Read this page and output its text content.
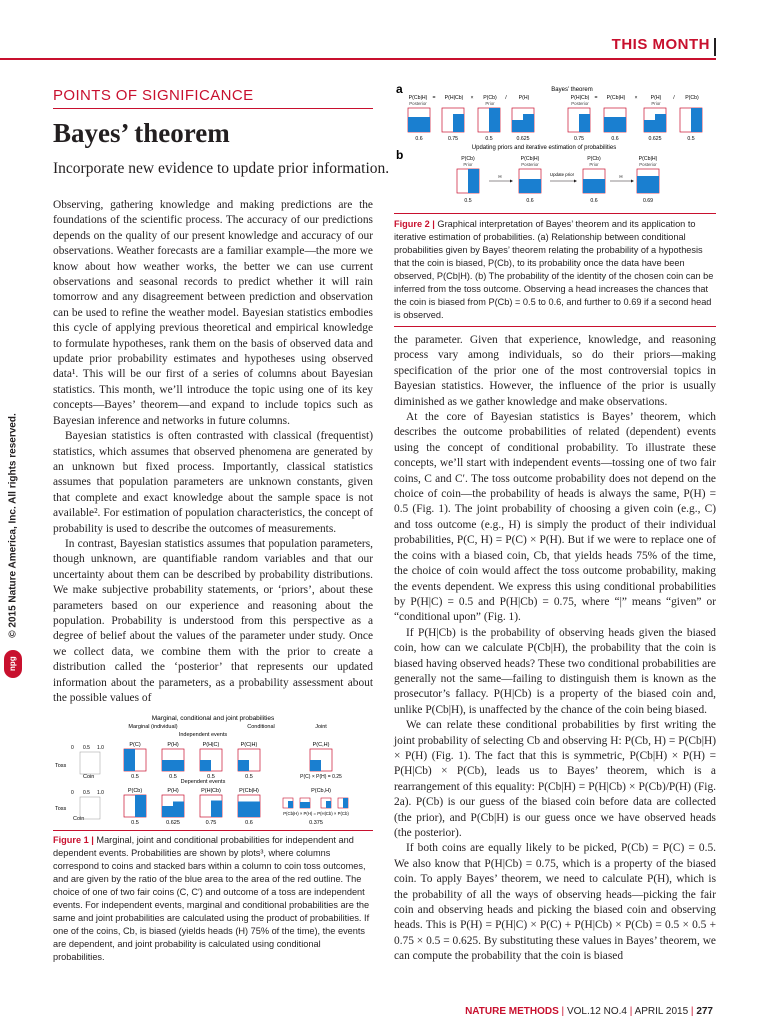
THIS MONTH
POINTS OF SIGNIFICANCE
Bayes’ theorem
Incorporate new evidence to update prior information.
© 2015 Nature America, Inc. All rights reserved.
npg

Observing, gathering knowledge and making predictions are the foundations of the scientific process. The accuracy of our predictions depends on the quality of our present knowledge and accuracy of our observations. Weather forecasts are a familiar example—the more we know about how weather works, the better we can use current observations and seasonal records to predict whether it will rain tomorrow and any disagreement between prediction and observation can be used to refine the weather model. Bayesian statistics embodies this cycle of applying previous theoretical and empirical knowledge to formulate hypotheses, rank them on the basis of observed data and update prior probability estimates and hypotheses using observed data¹. This will be our first of a series of columns about Bayesian statistics. This month, we’ll introduce the topic using one of its key concepts—Bayes’ theorem—and expand to include topics such as Bayesian inference and networks in future columns.

Bayesian statistics is often contrasted with classical (frequentist) statistics, which assumes that observed phenomena are generated by an unknown but fixed process. Importantly, classical statistics assumes that population parameters are unknown constants, given that complete and exact knowledge about the sample space is not available². For estimation of population characteristics, the concept of probability is used to describe the outcomes of measurements.

In contrast, Bayesian statistics assumes that population parameters, though unknown, are quantifiable random variables and that our uncertainty about them can be described by probability distributions. We make subjective probability statements, or ‘priors’, about these parameters based on our experience and reasoning about the population. Probability is understood from this perspective as a degree of belief about the values of the parameter under study. Once we collect data, we combine them with the prior to create a distribution called the ‘posterior’ that represents our updated information about the parameters, as a probability assessment about the possible values of

Marginal, conditional and joint probabilities
Marginal (individual)	Conditional	Joint
Independent events
Dependent events
0 0.5 1.0
Toss
Coin
Coin
0 0.5 1.0
Toss
P(C)
0.5
P(H)
0.5
P(H|C)
0.5
P(C|H)
0.5
P(C,H)
P(C) × P(H) = 0.25
P(Cb)
0.5
P(H)
0.625
P(H|Cb)
0.75
P(Cb|H)
0.6
P(Cb,H)
P(Cb|H) × P(H) = P(H|Cb) × P(Cb)
0.375
Figure 1 | Marginal, joint and conditional probabilities for independent and dependent events. Probabilities are shown by plots³, where columns correspond to coins and stacked bars within a column to coin toss outcomes, and are given by the ratio of the blue area to the area of the red outline. The choice of one of two fair coins (C, C′) and outcome of a toss are independent events. For independent events, marginal and conditional probabilities are the same and joint probabilities are calculated using the product of probabilities. If one of the coins, Cb, is biased (yields heads (H) 75% of the time), the events are dependent, and joint probability is calculated using conditional probabilities.
a	Bayes’ theorem
P(Cb|H) = P(H|Cb) × P(Cb) / P(H)	P(H|Cb) = P(Cb|H) ×	P(H) / P(Cb)
Posterior	Prior	Posterior	Prior
0.6	0.75	0.5	0.625	0.75	0.6	0.625	0.5
b	Updating priors and iterative estimation of probabilities
P(Cb)	P(Cb|H)	P(Cb)	P(Cb|H)
Prior	Posterior	Prior	Posterior
H	Update prior	H
0.5	0.6	0.6	0.69
Figure 2 | Graphical interpretation of Bayes’ theorem and its application to iterative estimation of probabilities. (a) Relationship between conditional probabilities given by Bayes’ theorem relating the probability of a hypothesis that the coin is biased, P(Cb), to its probability once the data have been observed, P(Cb|H). (b) The probability of the identity of the chosen coin can be inferred from the toss outcome. Observing a head increases the chances that the coin is biased from P(Cb) = 0.5 to 0.6, and further to 0.69 if a second head is observed.

the parameter. Given that experience, knowledge, and reasoning process vary among individuals, so do their priors—making specification of the prior one of the most controversial topics in Bayesian statistics. However, the influence of the prior is usually diminished as we gather knowledge and make observations.

At the core of Bayesian statistics is Bayes’ theorem, which describes the outcome probabilities of related (dependent) events using the concept of conditional probability. To illustrate these concepts, we’ll start with independent events—tossing one of two fair coins, C and C′. The toss outcome probability does not depend on the choice of coin—the probability of heads is always the same, P(H) = 0.5 (Fig. 1). The joint probability of choosing a given coin (e.g., C) and toss outcome (e.g., H) is simply the product of their individual probabilities, P(C, H) = P(C) × P(H). But if we were to replace one of the coins with a biased coin, Cb, that yields heads 75% of the time, the choice of coin would affect the toss outcome probability, making the events dependent. We express this using conditional probabilities by P(H|C) = 0.5 and P(H|Cb) = 0.75, where “|” means “given” or “conditional upon” (Fig. 1).

If P(H|Cb) is the probability of observing heads given the biased coin, how can we calculate P(Cb|H), the probability that the coin is biased having observed heads? These two conditional probabilities are generally not the same—failing to distinguish them is known as the prosecutor’s fallacy. P(H|Cb) is a property of the biased coin and, unlike P(Cb|H), is unaffected by the chance of the coin being biased.

We can relate these conditional probabilities by first writing the joint probability of selecting Cb and observing H: P(Cb, H) = P(Cb|H) × P(H) (Fig. 1). The fact that this is symmetric, P(Cb|H) × P(H) = P(H|Cb) × P(Cb), leads us to Bayes’ theorem, which is a rearrangement of this equality: P(Cb|H) = P(H|Cb) × P(Cb)/P(H) (Fig. 2a). P(Cb) is our guess of the biased coin before data are collected (the prior), and P(Cb|H) is our guess once we have observed heads (the posterior).

If both coins are equally likely to be picked, P(Cb) = P(C) = 0.5. We also know that P(H|Cb) = 0.75, which is a property of the biased coin. To apply Bayes’ theorem, we need to calculate P(H), which is the probability of all the ways of observing heads—picking the fair coin and observing heads and picking the biased coin and observing heads. This is P(H) = P(H|C) × P(C) + P(H|Cb) × P(Cb) = 0.5 × 0.5 + 0.75 × 0.5 = 0.625. By substituting these values in Bayes’ theorem, we can compute the probability that the coin is biased

NATURE METHODS | VOL.12 NO.4 | APRIL 2015 | 277
